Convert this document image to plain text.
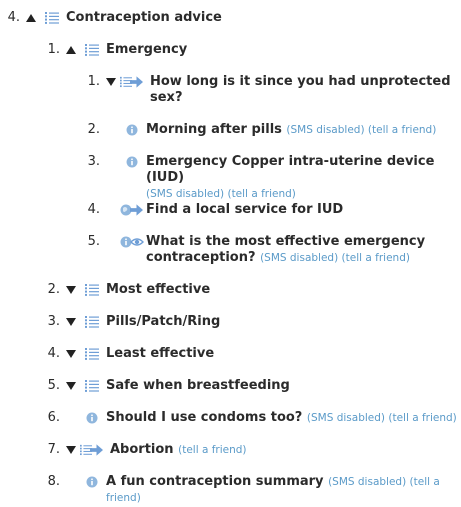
4.	Contraception advice
1.	Emergency
1.	How long is it since you had unprotected
sex?
2.	Morning after pills (SMS disabled) (tell a friend)
3.	Emergency Copper intra-uterine device (IUD)
(SMS disabled) (tell a friend)
4.	Find a local service for IUD
5.	What is the most effective emergency
contraception? (SMS disabled) (tell a friend)
2.	Most effective
3.	Pills/Patch/Ring
4.	Least effective
5.	Safe when breastfeeding
6.	Should I use condoms too? (SMS disabled) (tell a friend)
7.	Abortion (tell a friend)
8.	A fun contraception summary (SMS disabled) (tell a
friend)
